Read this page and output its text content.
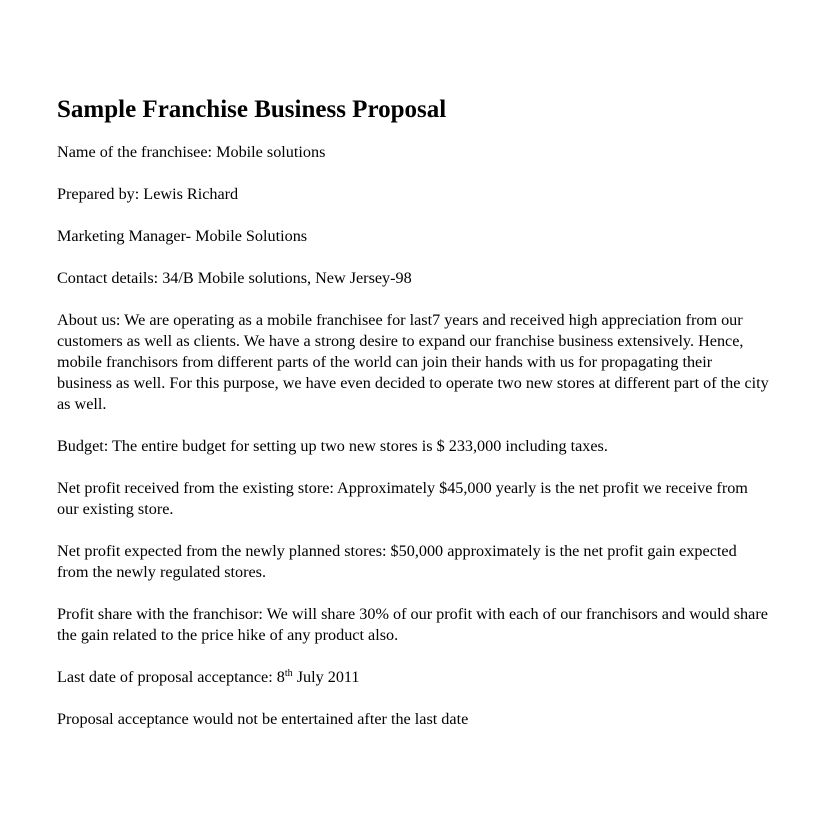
Sample Franchise Business Proposal

Name of the franchisee: Mobile solutions

Prepared by: Lewis Richard

Marketing Manager- Mobile Solutions

Contact details: 34/B Mobile solutions, New Jersey-98

About us: We are operating as a mobile franchisee for last7 years and received high appreciation from our customers as well as clients. We have a strong desire to expand our franchise business extensively. Hence, mobile franchisors from different parts of the world can join their hands with us for propagating their business as well. For this purpose, we have even decided to operate two new stores at different part of the city as well.

Budget: The entire budget for setting up two new stores is $ 233,000 including taxes.

Net profit received from the existing store: Approximately $45,000 yearly is the net profit we receive from our existing store.

Net profit expected from the newly planned stores: $50,000 approximately is the net profit gain expected from the newly regulated stores.

Profit share with the franchisor: We will share 30% of our profit with each of our franchisors and would share the gain related to the price hike of any product also.

Last date of proposal acceptance: 8th July 2011

Proposal acceptance would not be entertained after the last date
